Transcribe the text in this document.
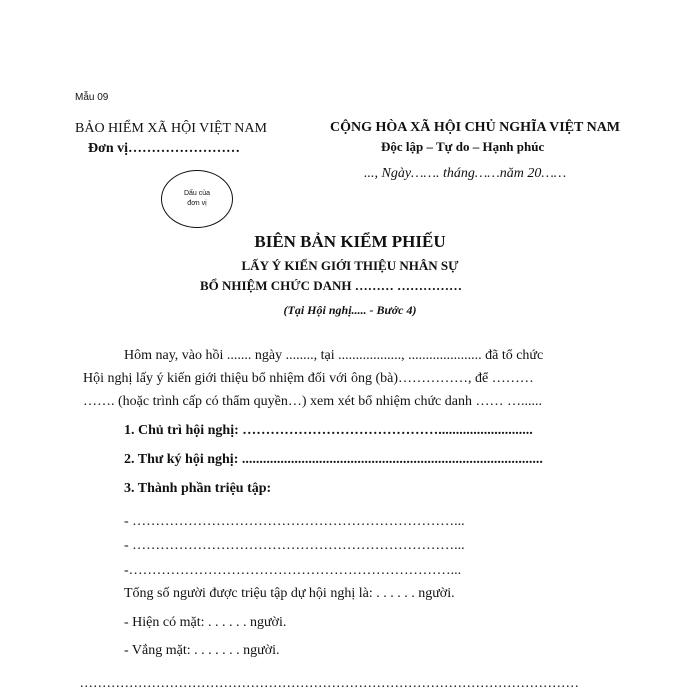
Mẫu 09
BẢO HIỂM XÃ HỘI VIỆT NAM
Đơn vị……………………
CỘNG HÒA XÃ HỘI CHỦ NGHĨA VIỆT NAM
Độc lập – Tự do – Hạnh phúc
..., Ngày……. tháng……năm 20……
Dấu của
đơn vị
BIÊN BẢN KIỂM PHIẾU
LẤY Ý KIẾN GIỚI THIỆU NHÂN SỰ
BỔ NHIỆM CHỨC DANH ……… ……………
(Tại Hội nghị..... - Bước 4)
Hôm nay, vào hồi ....... ngày ........, tại .................., ..................... đã tổ chức
Hội nghị lấy ý kiến giới thiệu bổ nhiệm đối với ông (bà)……………, để ………
……. (hoặc trình cấp có thẩm quyền…) xem xét bổ nhiệm chức danh …… …......
1. Chủ trì hội nghị: ……………………………………...........................
2. Thư ký hội nghị: ......................................................................................
3. Thành phần triệu tập:
- ……………………………………………………………...
- ……………………………………………………………...
-……………………………………………………………...
Tổng số người được triệu tập dự hội nghị là: . . . . . . người.
- Hiện có mặt: . . . . . . người.
- Vắng mặt: . . . . . . . người.
...............................................................................................................
